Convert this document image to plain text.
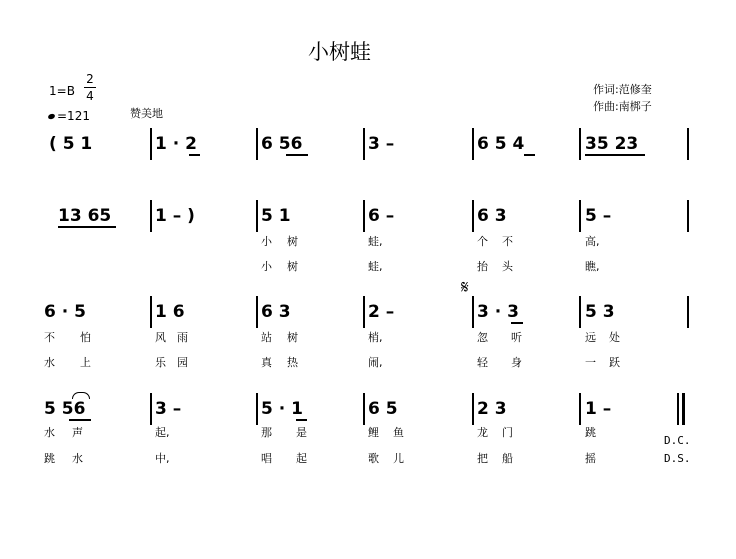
小树蛙
作词:范修奎
作曲:南梆子
1=B
2
4
=121	赞美地
( 5 1	1 · 2	6 56	3 –	6 5 4	35 23
13 65	1 – )	5 1	6 –	6 3	5 –
小 树	蛙,	个 不	高,
小 树	蛙,	抬 头	瞧,
𝄋
6 · 5	1 6	6 3	2 –	3 · 3	5 3
不 怕	风 雨	站 树	梢,	忽 听	远 处
水 上	乐 园	真 热	闹,	轻 身	一 跃
5 56	3 –	5 · 1	6 5	2 3	1 –
水 声	起,	那 是	鲤 鱼	龙 门	跳
跳 水	中,	唱 起	歌 儿	把 船	摇
D.C.
D.S.
